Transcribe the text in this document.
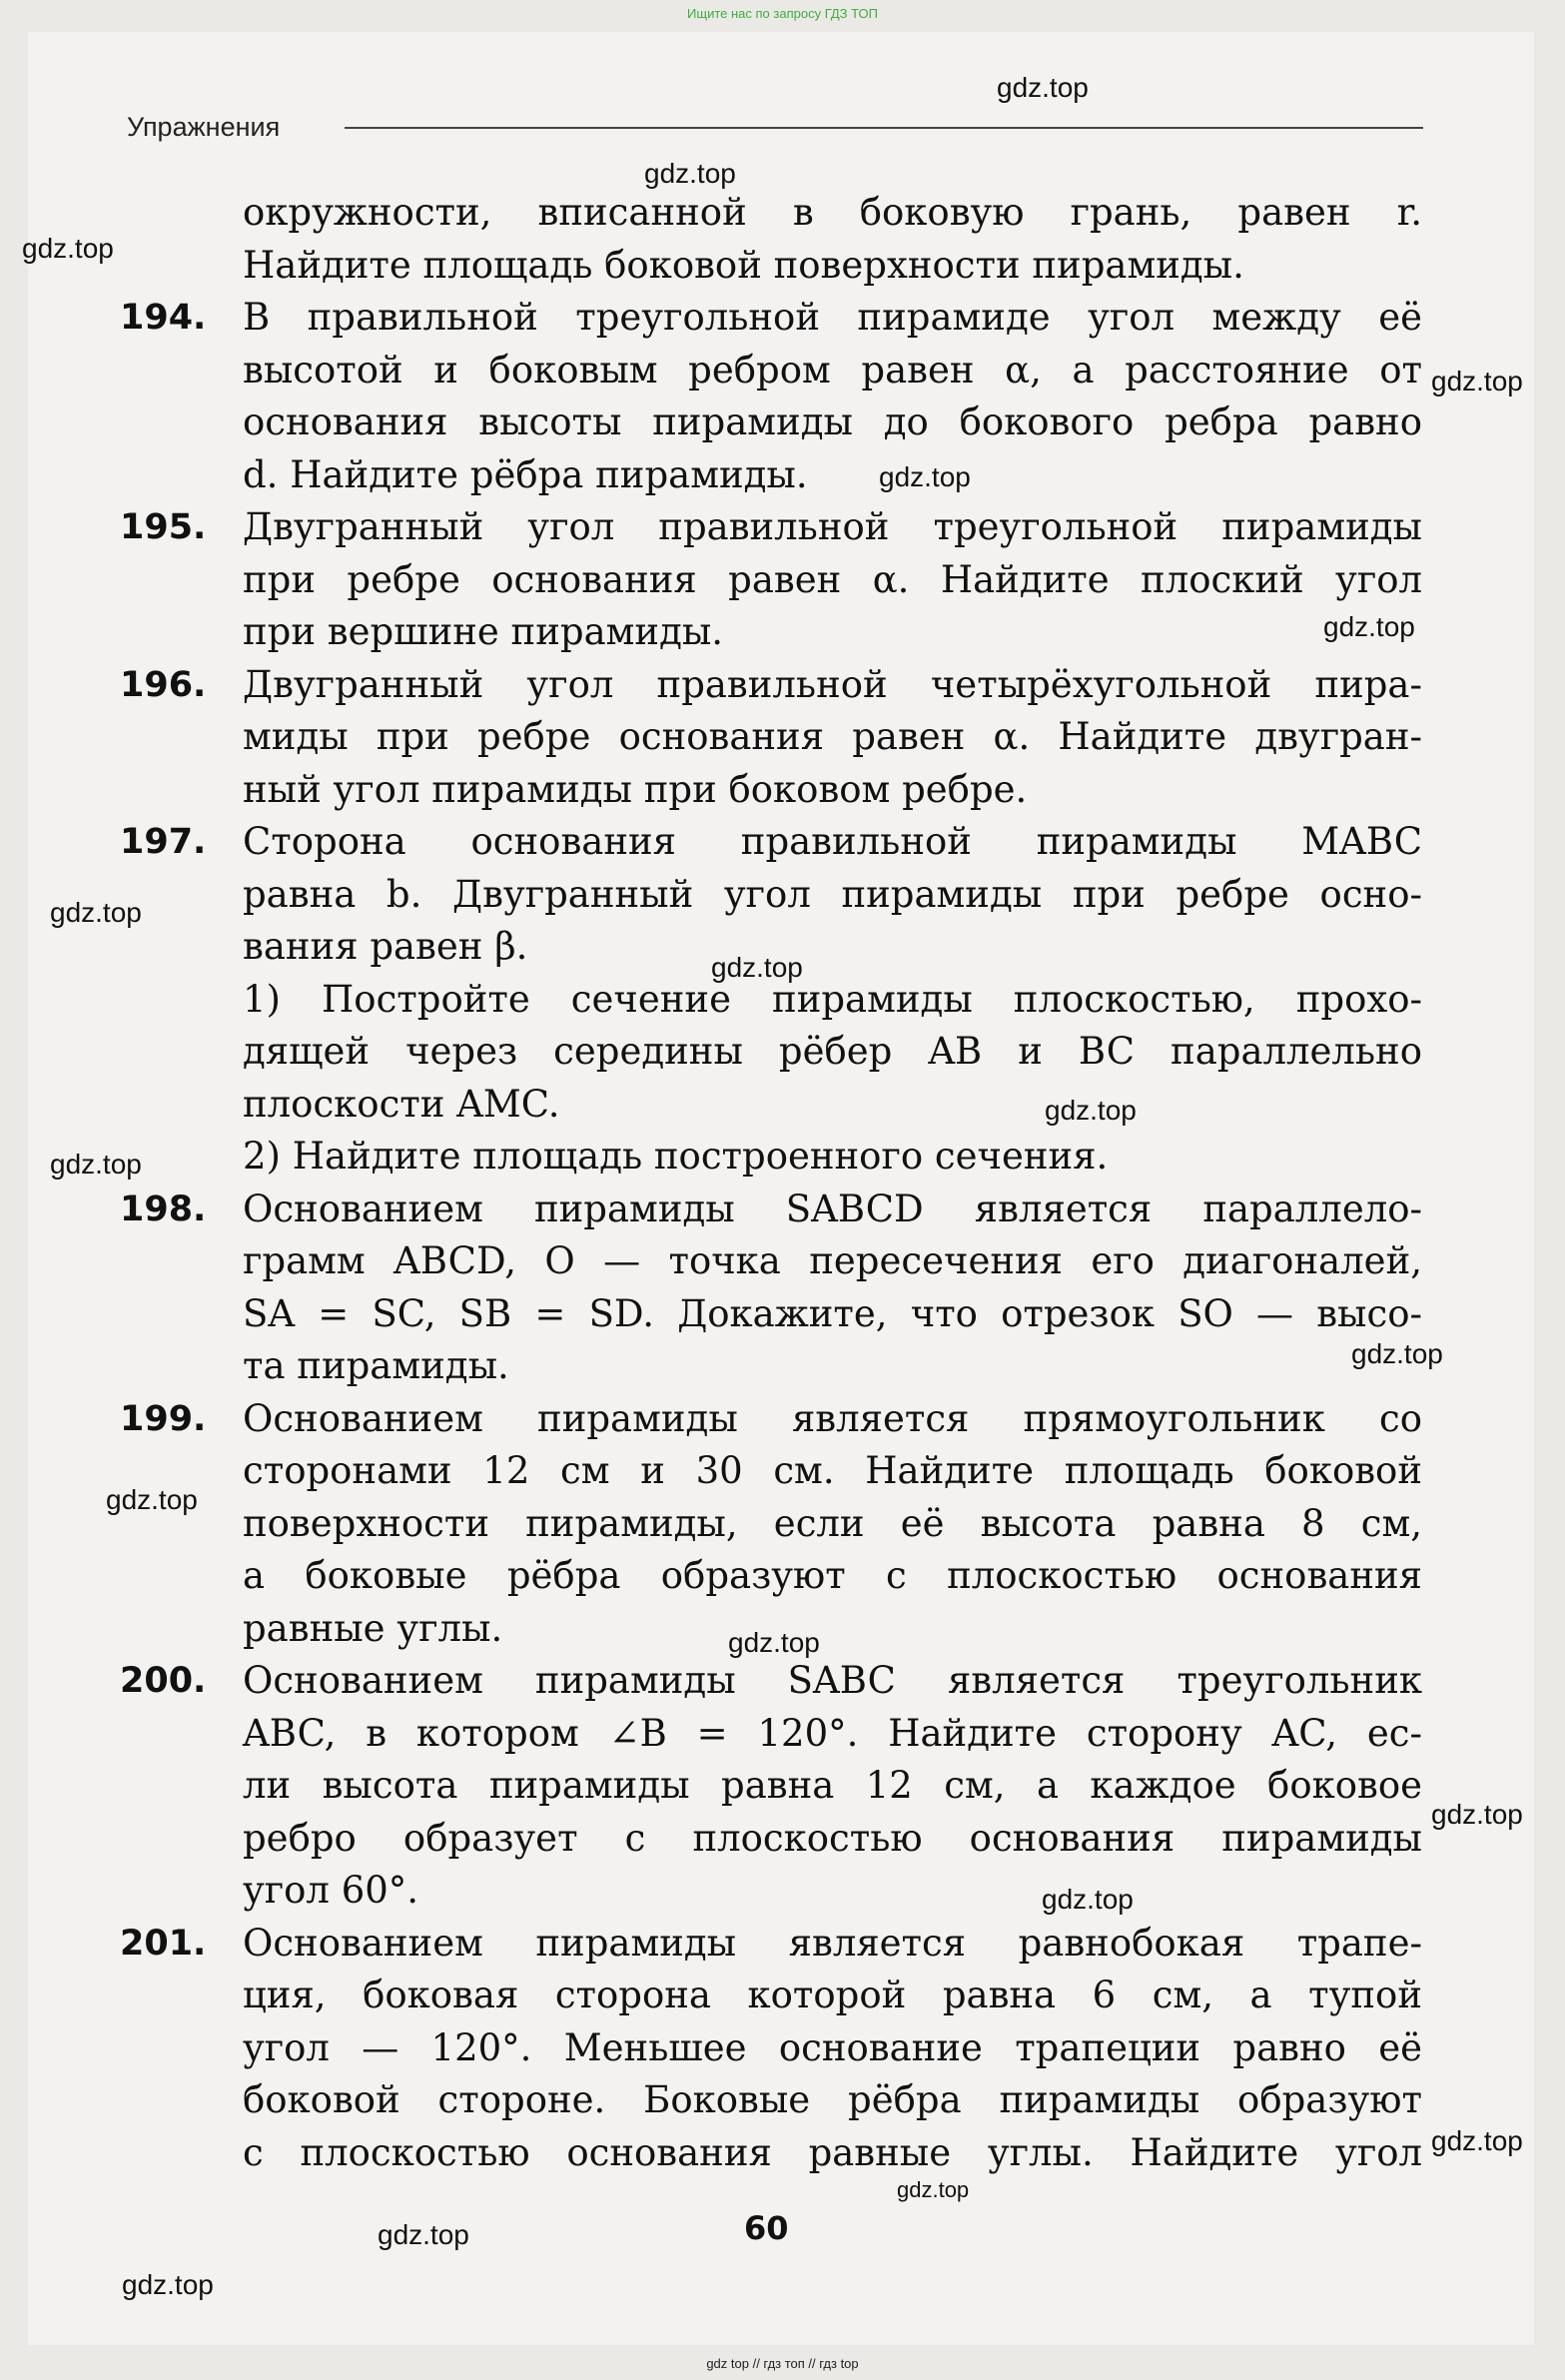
Ищите нас по запросу ГДЗ ТОП
Упражнения
окружности, вписанной в боковую грань, равен r.
Найдите площадь боковой поверхности пирамиды.
194. В правильной треугольной пирамиде угол между её
высотой и боковым ребром равен α, а расстояние от
основания высоты пирамиды до бокового ребра равно
d. Найдите рёбра пирамиды.
195. Двугранный угол правильной треугольной пирамиды
при ребре основания равен α. Найдите плоский угол
при вершине пирамиды.
196. Двугранный угол правильной четырёхугольной пира-
миды при ребре основания равен α. Найдите двугран-
ный угол пирамиды при боковом ребре.
197. Сторона основания правильной пирамиды MABC
равна b. Двугранный угол пирамиды при ребре осно-
вания равен β.
1) Постройте сечение пирамиды плоскостью, прохо-
дящей через середины рёбер AB и BC параллельно
плоскости AMC.
2) Найдите площадь построенного сечения.
198. Основанием пирамиды SABCD является параллело-
грамм ABCD, O — точка пересечения его диагоналей,
SA = SC, SB = SD. Докажите, что отрезок SO — высо-
та пирамиды.
199. Основанием пирамиды является прямоугольник со
сторонами 12 см и 30 см. Найдите площадь боковой
поверхности пирамиды, если её высота равна 8 см,
а боковые рёбра образуют с плоскостью основания
равные углы.
200. Основанием пирамиды SABC является треугольник
ABC, в котором ∠B = 120°. Найдите сторону AC, ес-
ли высота пирамиды равна 12 см, а каждое боковое
ребро образует с плоскостью основания пирамиды
угол 60°.
201. Основанием пирамиды является равнобокая трапе-
ция, боковая сторона которой равна 6 см, а тупой
угол — 120°. Меньшее основание трапеции равно её
боковой стороне. Боковые рёбра пирамиды образуют
с плоскостью основания равные углы. Найдите угол
60
gdz.top
gdz.top
gdz.top
gdz.top
gdz.top
gdz.top
gdz.top
gdz.top
gdz.top
gdz.top
gdz.top
gdz.top
gdz.top
gdz.top
gdz.top
gdz.top
gdz.top
gdz.top
gdz.top
gdz top // гдз топ // гдз top
